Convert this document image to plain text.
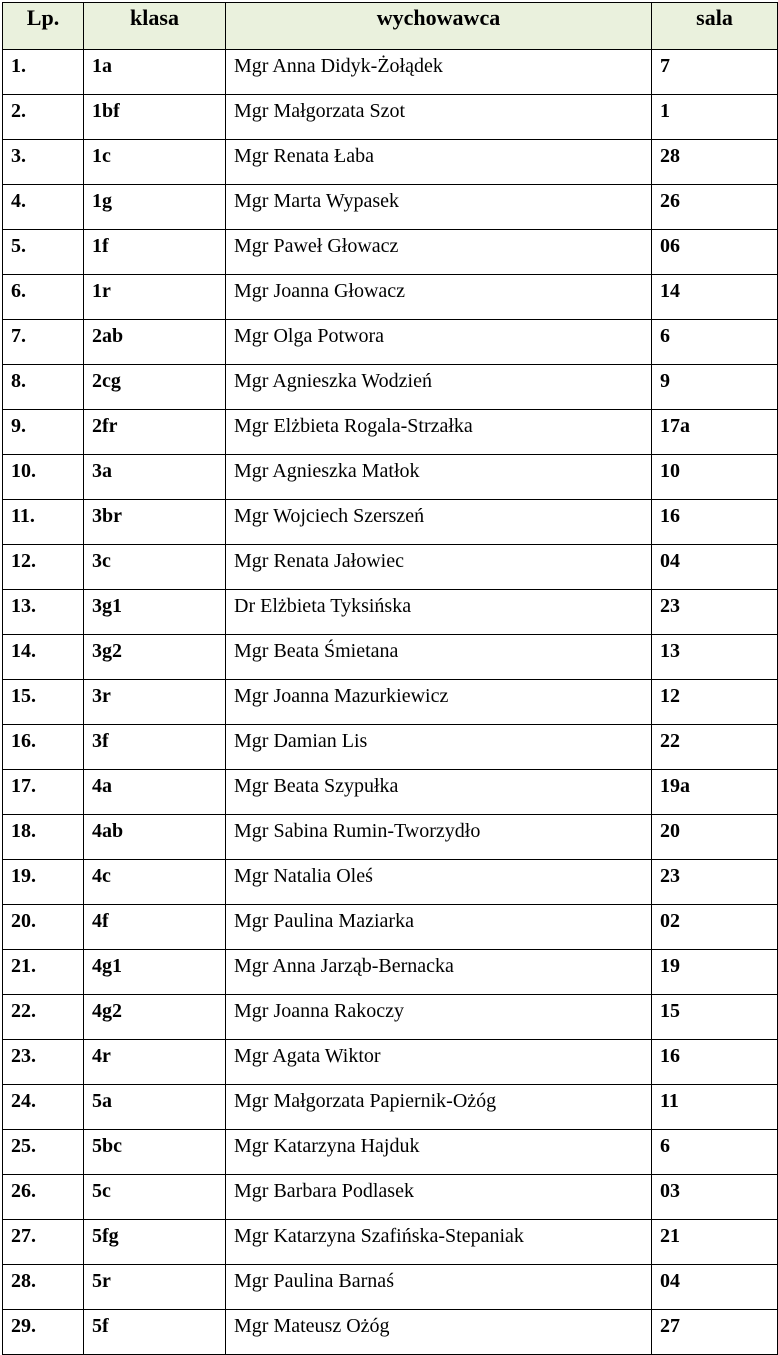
Lp.	klasa	wychowawca	sala
1.	1a	Mgr Anna Didyk-Żołądek	7
2.	1bf	Mgr Małgorzata Szot	1
3.	1c	Mgr Renata Łaba	28
4.	1g	Mgr Marta Wypasek	26
5.	1f	Mgr Paweł Głowacz	06
6.	1r	Mgr Joanna Głowacz	14
7.	2ab	Mgr Olga Potwora	6
8.	2cg	Mgr Agnieszka Wodzień	9
9.	2fr	Mgr Elżbieta Rogala-Strzałka	17a
10.	3a	Mgr Agnieszka Matłok	10
11.	3br	Mgr Wojciech Szerszeń	16
12.	3c	Mgr Renata Jałowiec	04
13.	3g1	Dr Elżbieta Tyksińska	23
14.	3g2	Mgr Beata Śmietana	13
15.	3r	Mgr Joanna Mazurkiewicz	12
16.	3f	Mgr Damian Lis	22
17.	4a	Mgr Beata Szypułka	19a
18.	4ab	Mgr Sabina Rumin-Tworzydło	20
19.	4c	Mgr Natalia Oleś	23
20.	4f	Mgr Paulina Maziarka	02
21.	4g1	Mgr Anna Jarząb-Bernacka	19
22.	4g2	Mgr Joanna Rakoczy	15
23.	4r	Mgr Agata Wiktor	16
24.	5a	Mgr Małgorzata Papiernik-Ożóg	11
25.	5bc	Mgr Katarzyna Hajduk	6
26.	5c	Mgr Barbara Podlasek	03
27.	5fg	Mgr Katarzyna Szafińska-Stepaniak	21
28.	5r	Mgr Paulina Barnaś	04
29.	5f	Mgr Mateusz Ożóg	27
